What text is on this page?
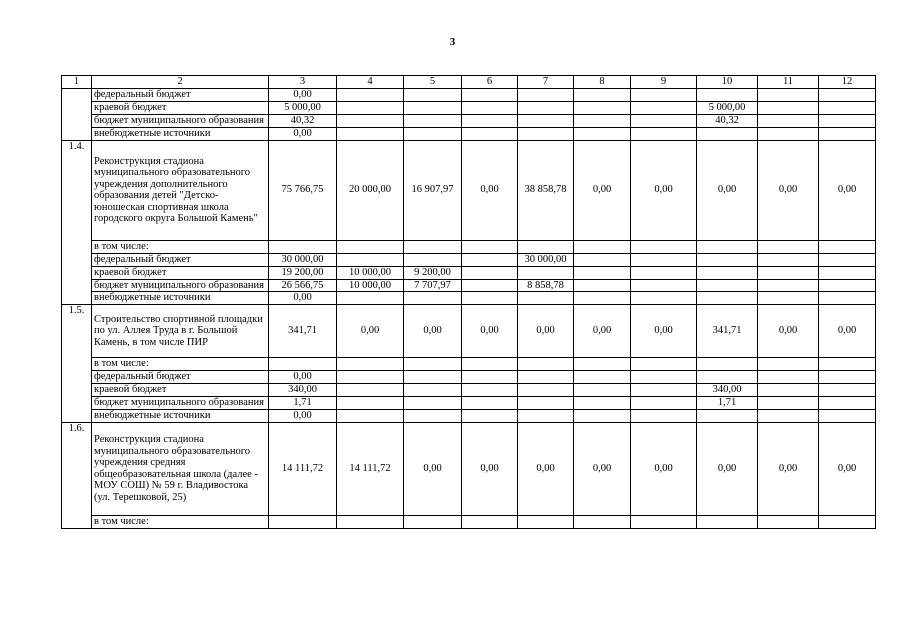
3
1	2	3	4	5	6	7	8	9	10	11	12
	федеральный бюджет	0,00									
	краевой бюджет	5 000,00							5 000,00		
	бюджет муниципального образования	40,32							40,32		
	внебюджетные источники	0,00									
1.4.	Реконструкция стадиона муниципального образовательного учреждения дополнительного образования детей "Детско-юношеская спортивная школа городского округа Большой Камень"	75 766,75	20 000,00	16 907,97	0,00	38 858,78	0,00	0,00	0,00	0,00	0,00
	в том числе:										
	федеральный бюджет	30 000,00				30 000,00					
	краевой бюджет	19 200,00	10 000,00	9 200,00							
	бюджет муниципального образования	26 566,75	10 000,00	7 707,97		8 858,78					
	внебюджетные источники	0,00									
1.5.	Строительство спортивной площадки по ул. Аллея Труда в г. Большой Камень, в том числе ПИР	341,71	0,00	0,00	0,00	0,00	0,00	0,00	341,71	0,00	0,00
	в том числе:										
	федеральный бюджет	0,00									
	краевой бюджет	340,00							340,00		
	бюджет муниципального образования	1,71							1,71		
	внебюджетные источники	0,00									
1.6.	Реконструкция стадиона муниципального образовательного учреждения средняя общеобразовательная школа (далее - МОУ СОШ) № 59 г. Владивостока (ул. Терешковой, 25)	14 111,72	14 111,72	0,00	0,00	0,00	0,00	0,00	0,00	0,00	0,00
	в том числе:										
